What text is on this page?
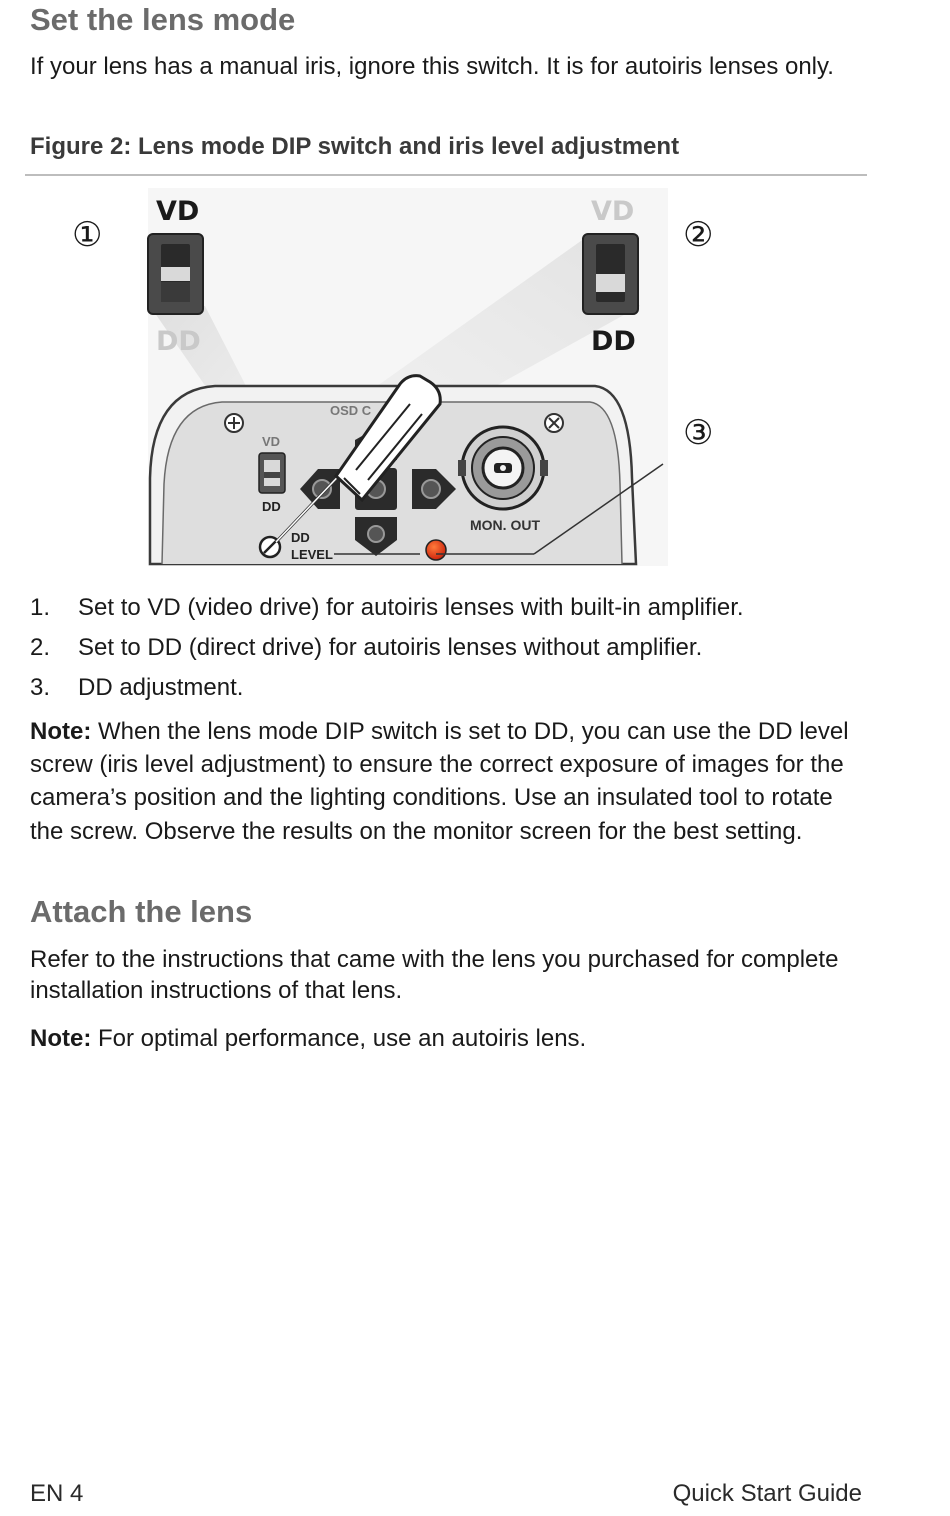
Set the lens mode
If your lens has a manual iris, ignore this switch. It is for autoiris lenses only.
Figure 2: Lens mode DIP switch and iris level adjustment
OSD C
VD
DD
MON. OUT
DD
LEVEL
VD
DD
VD
DD
①	②
③
1.	Set to VD (video drive) for autoiris lenses with built-in amplifier.
2.	Set to DD (direct drive) for autoiris lenses without amplifier.
3.	DD adjustment.
Note: When the lens mode DIP switch is set to DD, you can use the DD level screw (iris level adjustment) to ensure the correct exposure of images for the camera’s position and the lighting conditions. Use an insulated tool to rotate the screw. Observe the results on the monitor screen for the best setting.
Attach the lens
Refer to the instructions that came with the lens you purchased for complete installation instructions of that lens.
Note: For optimal performance, use an autoiris lens.
EN 4	Quick Start Guide
